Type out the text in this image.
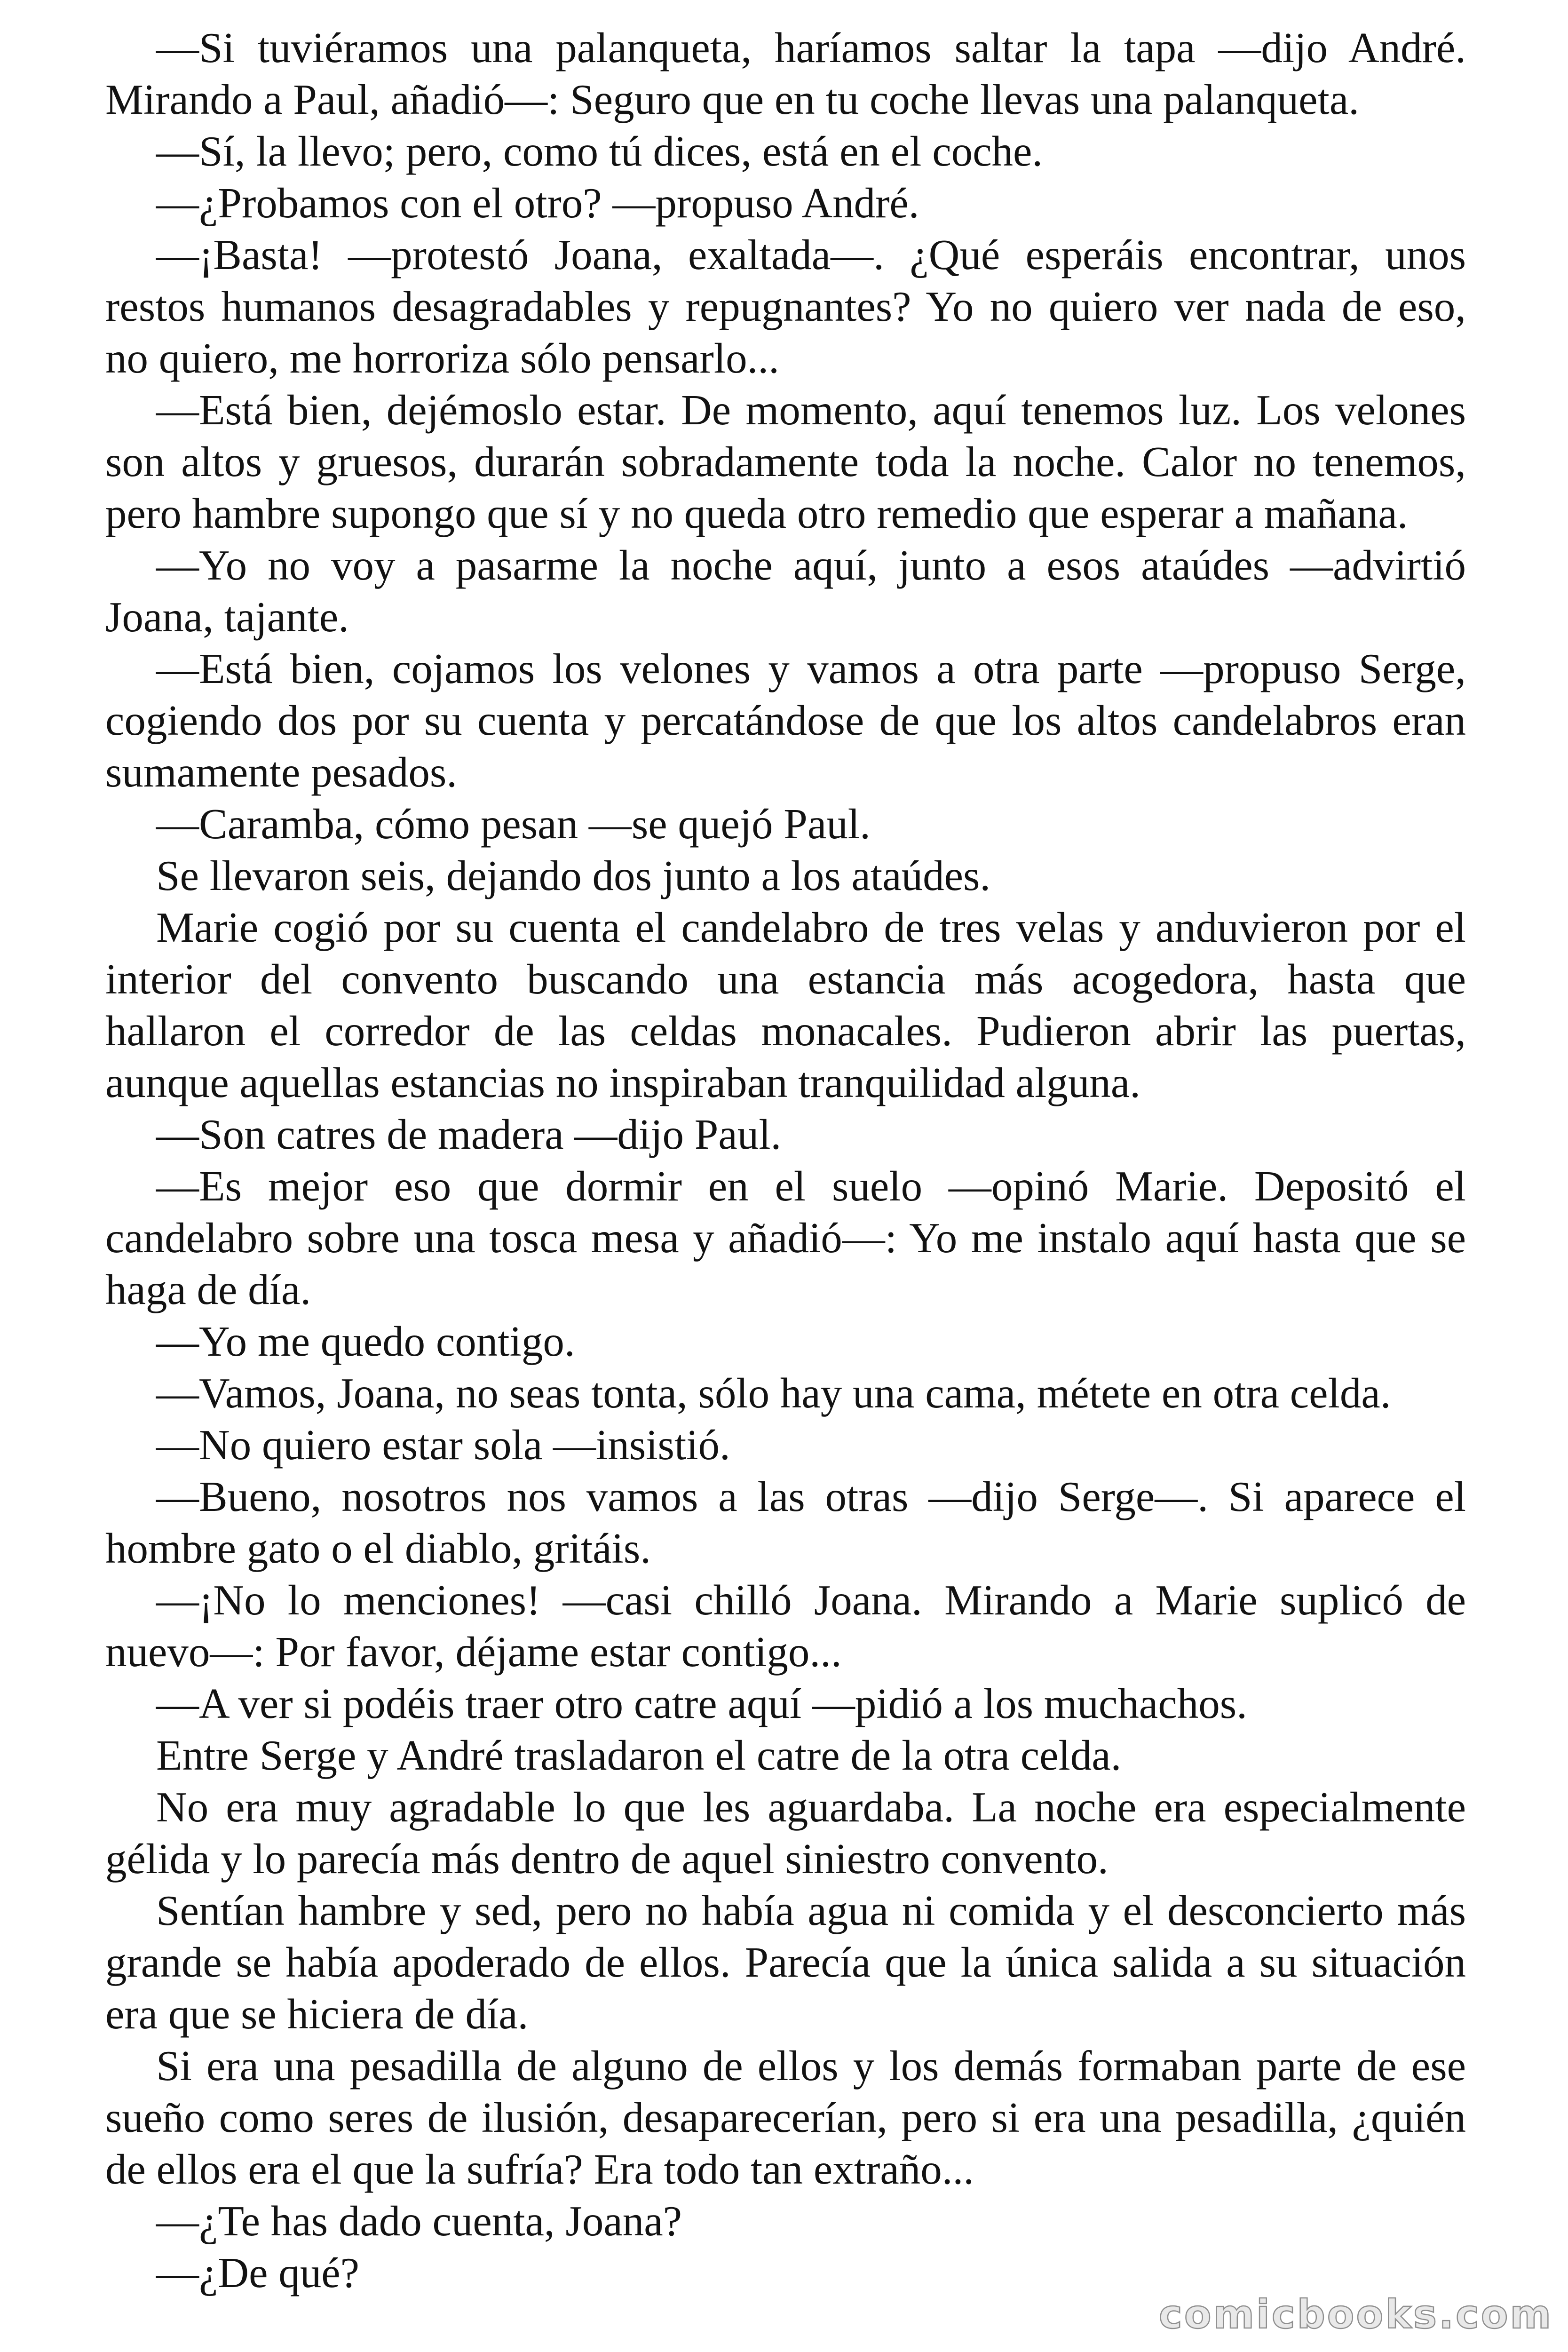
—Si tuviéramos una palanqueta, haríamos saltar la tapa —dijo André.
Mirando a Paul, añadió—: Seguro que en tu coche llevas una palanqueta.
—Sí, la llevo; pero, como tú dices, está en el coche.
—¿Probamos con el otro? —propuso André.
—¡Basta! —protestó Joana, exaltada—. ¿Qué esperáis encontrar, unos
restos humanos desagradables y repugnantes? Yo no quiero ver nada de eso,
no quiero, me horroriza sólo pensarlo...
—Está bien, dejémoslo estar. De momento, aquí tenemos luz. Los velones
son altos y gruesos, durarán sobradamente toda la noche. Calor no tenemos,
pero hambre supongo que sí y no queda otro remedio que esperar a mañana.
—Yo no voy a pasarme la noche aquí, junto a esos ataúdes —advirtió
Joana, tajante.
—Está bien, cojamos los velones y vamos a otra parte —propuso Serge,
cogiendo dos por su cuenta y percatándose de que los altos candelabros eran
sumamente pesados.
—Caramba, cómo pesan —se quejó Paul.
Se llevaron seis, dejando dos junto a los ataúdes.
Marie cogió por su cuenta el candelabro de tres velas y anduvieron por el
interior del convento buscando una estancia más acogedora, hasta que
hallaron el corredor de las celdas monacales. Pudieron abrir las puertas,
aunque aquellas estancias no inspiraban tranquilidad alguna.
—Son catres de madera —dijo Paul.
—Es mejor eso que dormir en el suelo —opinó Marie. Depositó el
candelabro sobre una tosca mesa y añadió—: Yo me instalo aquí hasta que se
haga de día.
—Yo me quedo contigo.
—Vamos, Joana, no seas tonta, sólo hay una cama, métete en otra celda.
—No quiero estar sola —insistió.
—Bueno, nosotros nos vamos a las otras —dijo Serge—. Si aparece el
hombre gato o el diablo, gritáis.
—¡No lo menciones! —casi chilló Joana. Mirando a Marie suplicó de
nuevo—: Por favor, déjame estar contigo...
—A ver si podéis traer otro catre aquí —pidió a los muchachos.
Entre Serge y André trasladaron el catre de la otra celda.
No era muy agradable lo que les aguardaba. La noche era especialmente
gélida y lo parecía más dentro de aquel siniestro convento.
Sentían hambre y sed, pero no había agua ni comida y el desconcierto más
grande se había apoderado de ellos. Parecía que la única salida a su situación
era que se hiciera de día.
Si era una pesadilla de alguno de ellos y los demás formaban parte de ese
sueño como seres de ilusión, desaparecerían, pero si era una pesadilla, ¿quién
de ellos era el que la sufría? Era todo tan extraño...
—¿Te has dado cuenta, Joana?
—¿De qué?
comicbooks.com
